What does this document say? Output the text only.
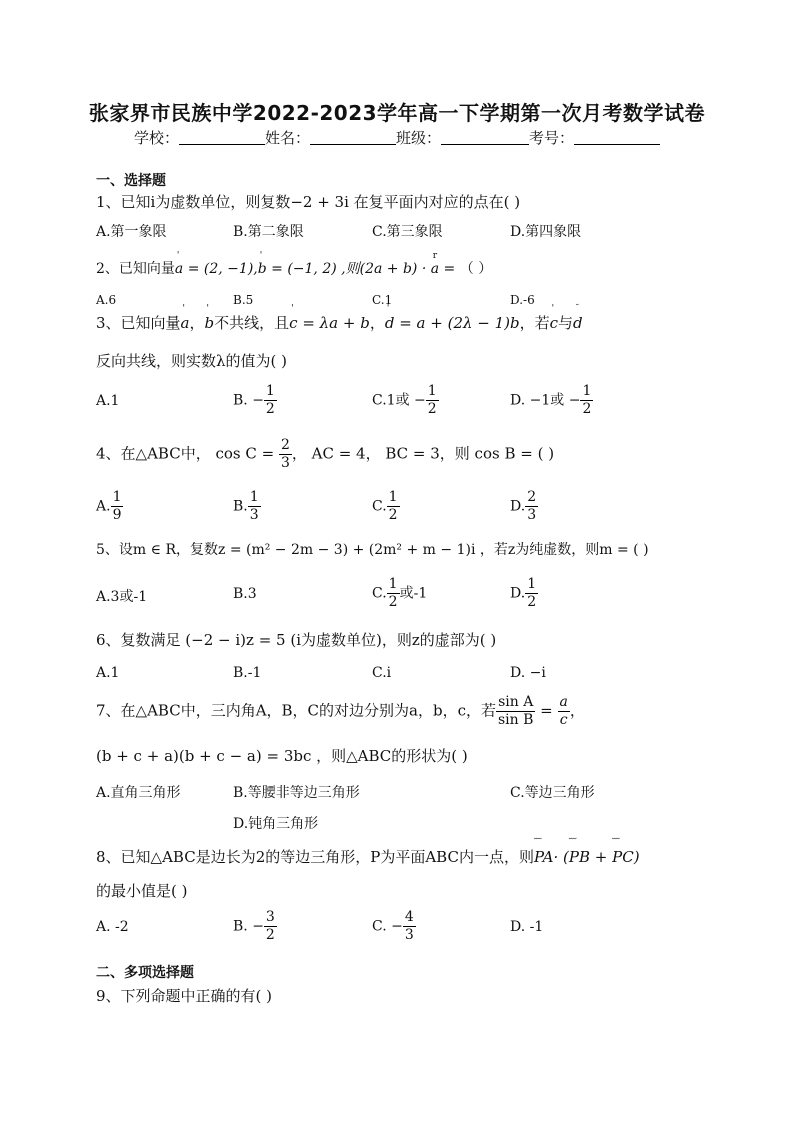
张家界市民族中学2022-2023学年高一下学期第一次月考数学试卷
学校：	姓名：	班级：	考号：
一、选择题
1、已知i为虚数单位，则复数−2 + 3i 在复平面内对应的点在( )
A.第一象限	B.第二象限	C.第三象限	D.第四象限
2、已知向量' a = (2, −1),' b = (−1, 2) ,则(2a + b) · r a = （ ）
A.6	B.5	C.1	D.-6
3、已知向量' a，' b不共线，且' c = λa + b，' d = a + (2λ − 1)b，若' c与˘ d
反向共线，则实数λ的值为( )
A.1	B. − $\frac{1}{2}$	C.1或 − $\frac{1}{2}$	D. −1或 − $\frac{1}{2}$
4、在△ABC中， $\cos C = \frac{2}{3}$ ， AC = 4， BC = 3，则 cos B = ( )
A. $\frac{1}{9}$	B. $\frac{1}{3}$	C. $\frac{1}{2}$	D. $\frac{2}{3}$
5、设m ∈ R，复数z = (m² − 2m − 3) + (2m² + m − 1)i ，若z为纯虚数，则m = ( )
A.3或-1	B.3	C. $\frac{1}{2}$ 或-1	D. $\frac{1}{2}$
6、复数满足 (−2 − i)z = 5 (i为虚数单位)，则z的虚部为( )
A.1	B.-1	C.i	D. −i
7、在△ABC中，三内角A，B，C的对边分别为a，b，c，若 $\frac{\text{sin A}}{\text{sin B}} = \frac{a}{c}$ ，
(b + c + a)(b + c − a) = 3bc ，则△ABC的形状为( )
A.直角三角形	B.等腰非等边三角形	C.等边三角形
D.钝角三角形
8、已知△ABC是边长为2的等边三角形，P为平面ABC内一点，则˘˘˘ PA· (˘˘˘ PB + ˘˘˘ PC)
的最小值是( )
A. -2	B. − $\frac{3}{2}$	C. − $\frac{4}{3}$	D. -1
二、多项选择题
9、下列命题中正确的有( )
